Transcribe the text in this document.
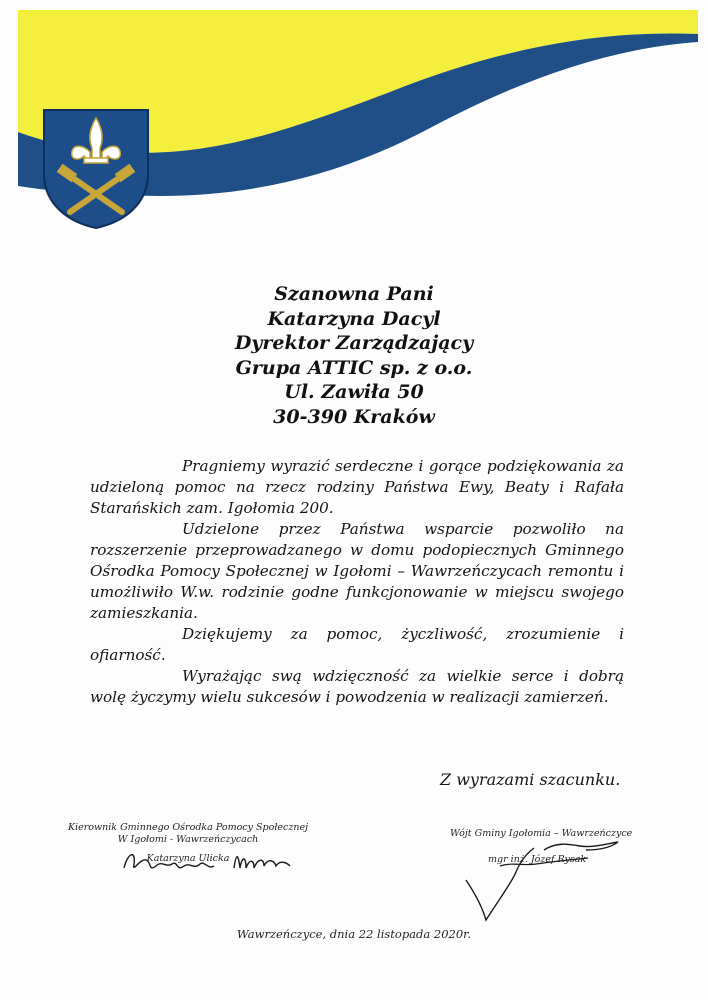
Szanowna Pani
Katarzyna Dacyl
Dyrektor Zarządzający
Grupa ATTIC sp. z o.o.
Ul. Zawiła 50
30-390 Kraków

Pragniemy wyrazić serdeczne i gorące podziękowania za udzieloną pomoc na rzecz rodziny Państwa Ewy, Beaty i Rafała Starańskich zam. Igołomia 200.

Udzielone przez Państwa wsparcie pozwoliło na rozszerzenie przeprowadzanego w domu podopiecznych Gminnego Ośrodka Pomocy Społecznej w Igołomi – Wawrzeńczycach remontu i umożliwiło W.w. rodzinie godne funkcjonowanie w miejscu swojego zamieszkania.

Dziękujemy za pomoc, życzliwość, zrozumienie i ofiarność.

Wyrażając swą wdzięczność za wielkie serce i dobrą wolę życzymy wielu sukcesów i powodzenia w realizacji zamierzeń.

Z wyrazami szacunku.
Kierownik Gminnego Ośrodka Pomocy Społecznej
W Igołomi - Wawrzeńczycach
Katarzyna Ulicka
Wójt Gminy Igołomia – Wawrzeńczyce
mgr inż. Józef Rysak
Wawrzeńczyce, dnia 22 listopada 2020r.
